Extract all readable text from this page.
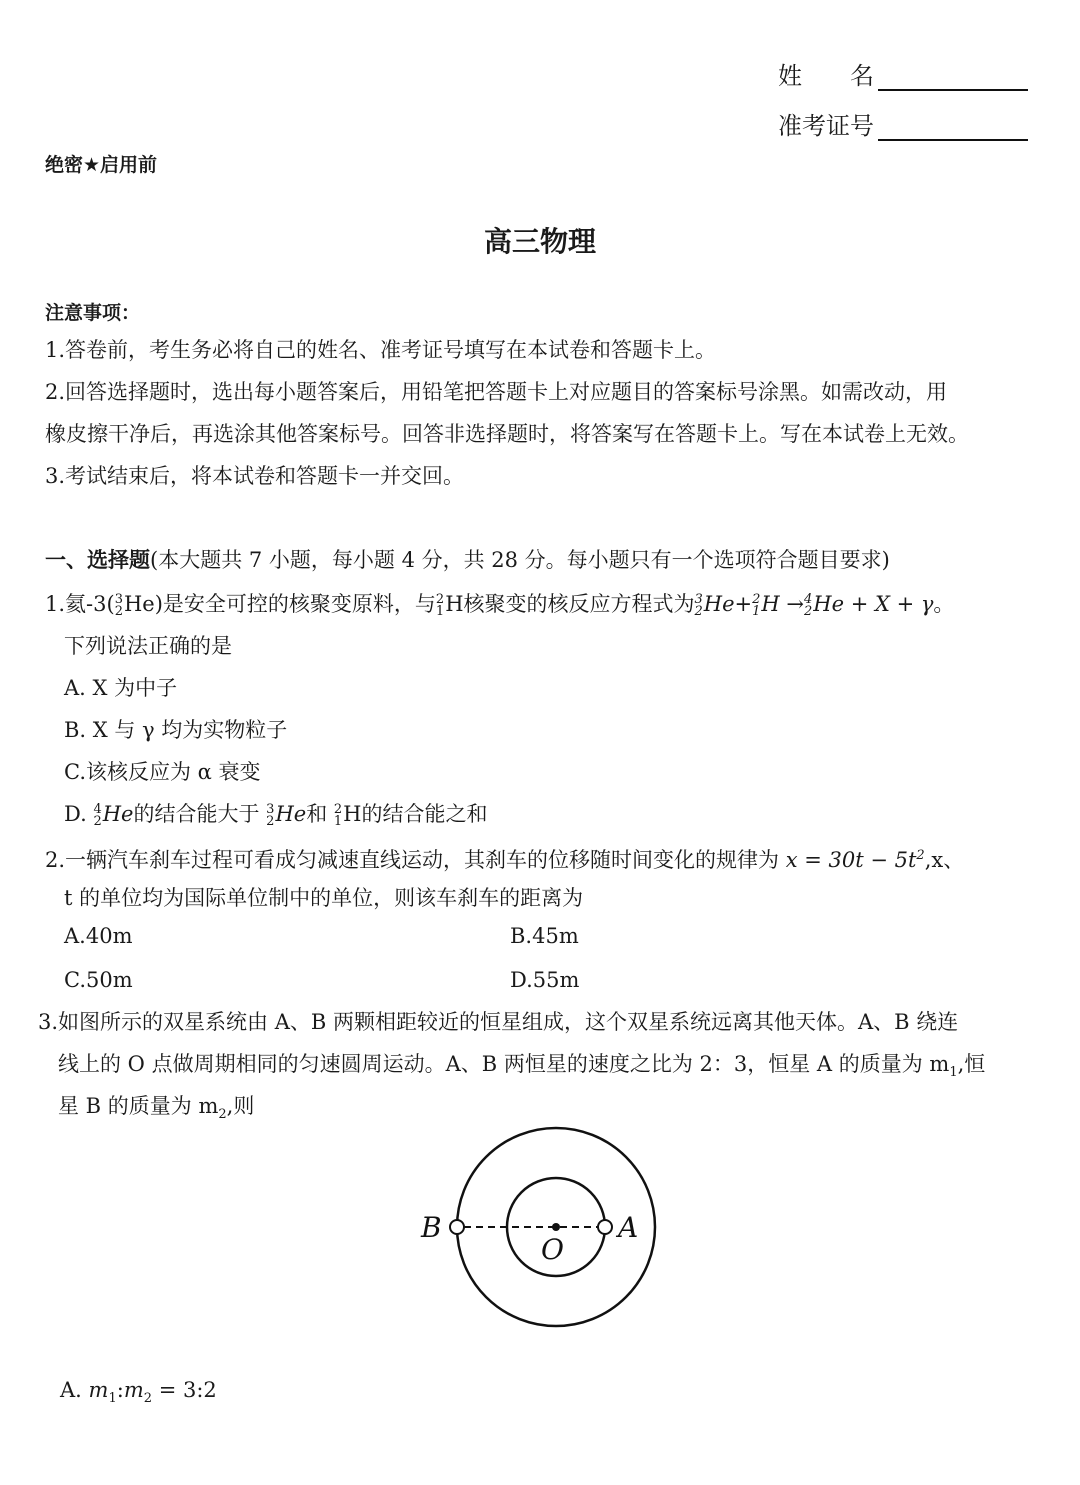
姓　　名
准考证号
绝密★启用前
高三物理
注意事项：
1.答卷前，考生务必将自己的姓名、准考证号填写在本试卷和答题卡上。
2.回答选择题时，选出每小题答案后，用铅笔把答题卡上对应题目的答案标号涂黑。如需改动，用
橡皮擦干净后，再选涂其他答案标号。回答非选择题时，将答案写在答题卡上。写在本试卷上无效。
3.考试结束后，将本试卷和答题卡一并交回。
一、选择题(本大题共 7 小题，每小题 4 分，共 28 分。每小题只有一个选项符合题目要求)
1.氦-3( 3
2 He)是安全可控的核聚变原料，与 2
1 H核聚变的核反应方程式为 3
2 He+ 2
1 H → 4
2 He + X + γ。
下列说法正确的是
A. X 为中子
B. X 与 γ 均为实物粒子
C.该核反应为 α 衰变
D. 4
2 He的结合能大于 3
2 He和 2
1 H的结合能之和
2.一辆汽车刹车过程可看成匀减速直线运动，其刹车的位移随时间变化的规律为 $x = 30t - 5t^2,x$、
t 的单位均为国际单位制中的单位，则该车刹车的距离为
A.40m	B.45m
C.50m	D.55m
3.如图所示的双星系统由 A、B 两颗相距较近的恒星组成，这个双星系统远离其他天体。A、B 绕连
线上的 O 点做周期相同的匀速圆周运动。A、B 两恒星的速度之比为 2：3，恒星 A 的质量为 $m_1$,恒
星 B 的质量为 $m_2$,则
B	A
O
A. $m_1:m_2$ = 3:2
